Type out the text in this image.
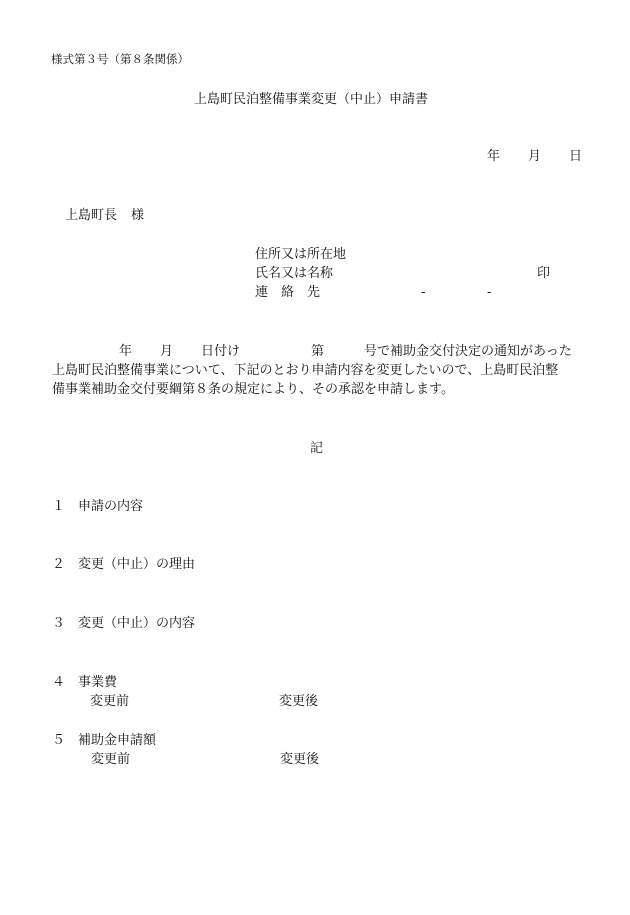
様式第３号（第８条関係）
上島町民泊整備事業変更（中止）申請書
年 月 日
上島町長 様
住所又は所在地
氏名又は名称	印
連　絡　先	-	-
年 月 日付け	第	号で補助金交付決定の通知があった
上島町民泊整備事業について、下記のとおり申請内容を変更したいので、上島町民泊整
備事業補助金交付要綱第８条の規定により、その承認を申請します。
記
１ 申請の内容
２ 変更（中止）の理由
３ 変更（中止）の内容
４ 事業費
変更前	変更後
５ 補助金申請額
変更前	変更後
